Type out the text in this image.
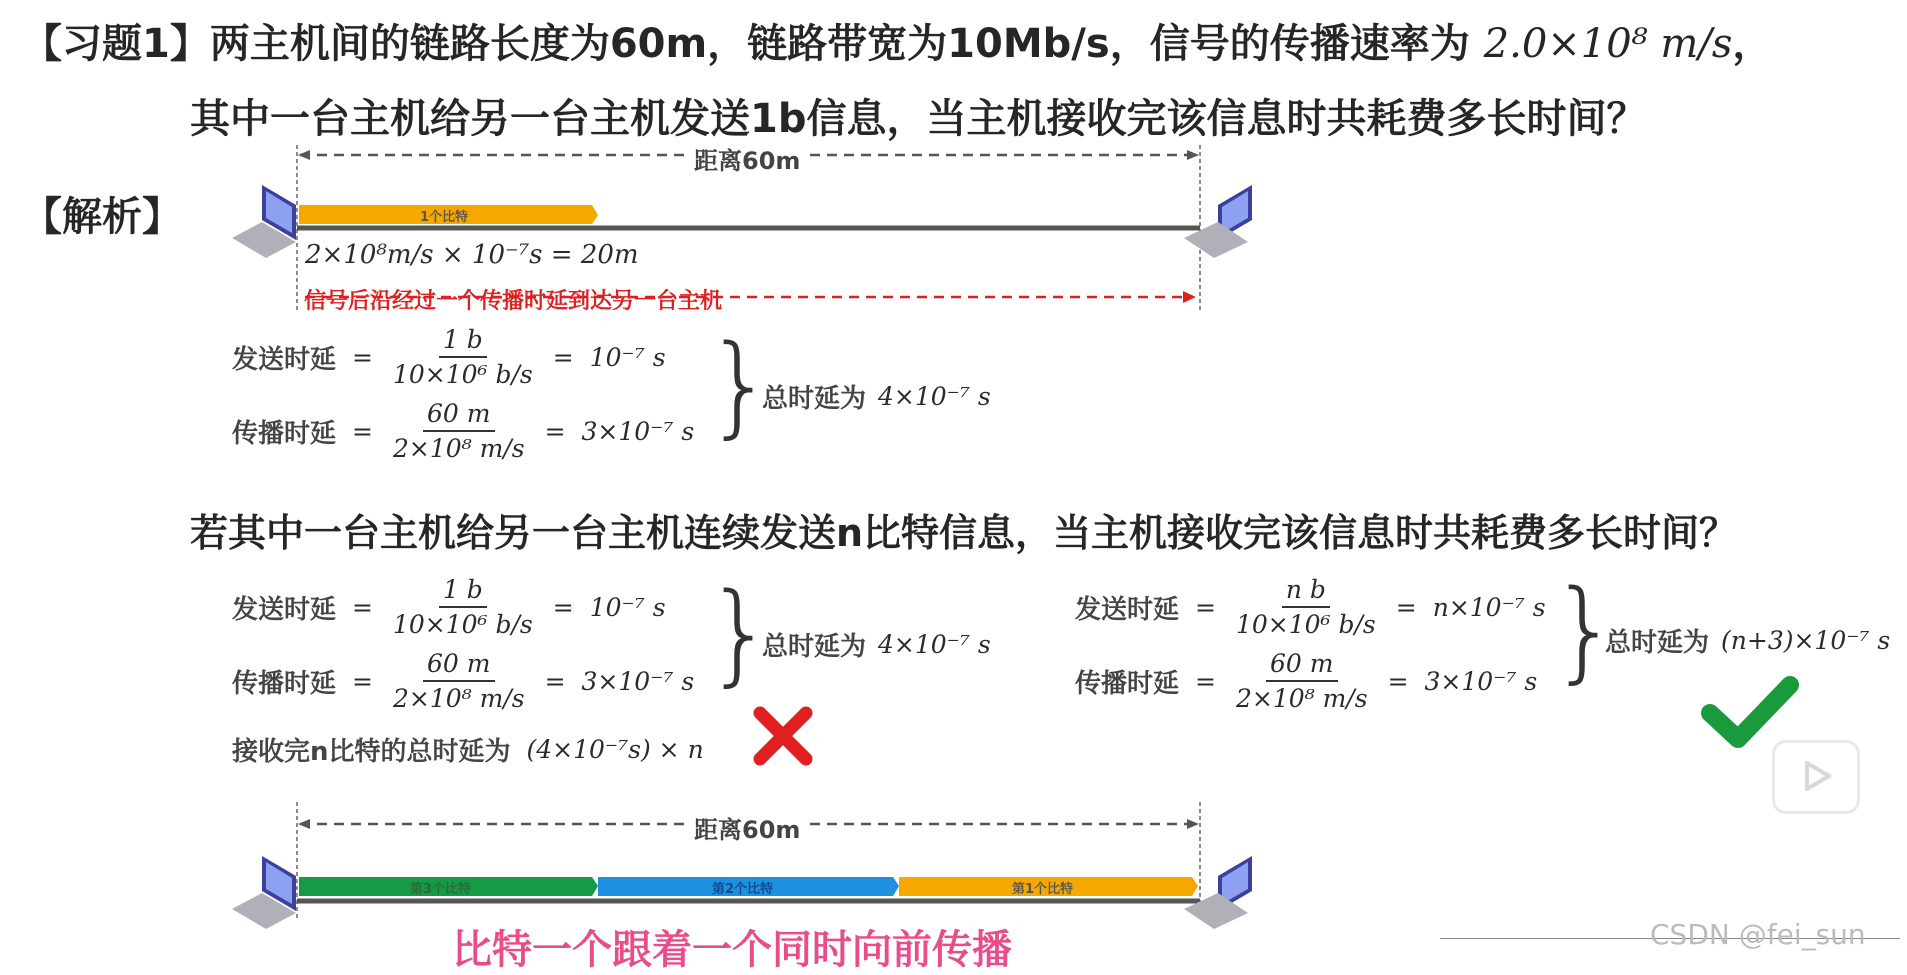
【习题1】两主机间的链路长度为60m，链路带宽为10Mb/s，信号的传播速率为 2.0×10⁸ m/s，
其中一台主机给另一台主机发送1b信息，当主机接收完该信息时共耗费多长时间？
【解析】
距离60m
1个比特
2×10⁸m/s × 10⁻⁷s = 20m
信号后沿经过一个传播时延到达另一台主机
发送时延 = $\frac{1 b}{\text{10×10⁶ b/s}} = 10^{-7}$ s
传播时延 = $\frac{60 m}{\text{2×10⁸ m/s}} = 3\times 10^{-7}$ s }
总时延为 4×10⁻⁷ s
若其中一台主机给另一台主机连续发送n比特信息，当主机接收完该信息时共耗费多长时间？
发送时延 = $\frac{1 b}{\text{10×10⁶ b/s}} = 10^{-7}$ s
传播时延 = $\frac{60 m}{\text{2×10⁸ m/s}} = 3\times 10^{-7}$ s
接收完n比特的总时延为 (4×10⁻⁷s) × n
}
总时延为 4×10⁻⁷ s
发送时延 = $\frac{\text{n b}}{\text{10×10⁶ b/s}} = n\times 10^{-7}$ s
传播时延 = $\frac{60 m}{\text{2×10⁸ m/s}} = 3\times 10^{-7}$ s }
总时延为 (n+3)×10⁻⁷ s
距离60m
第3个比特	第2个比特	第1个比特
比特一个跟着一个同时向前传播	CSDN @fei_sun
